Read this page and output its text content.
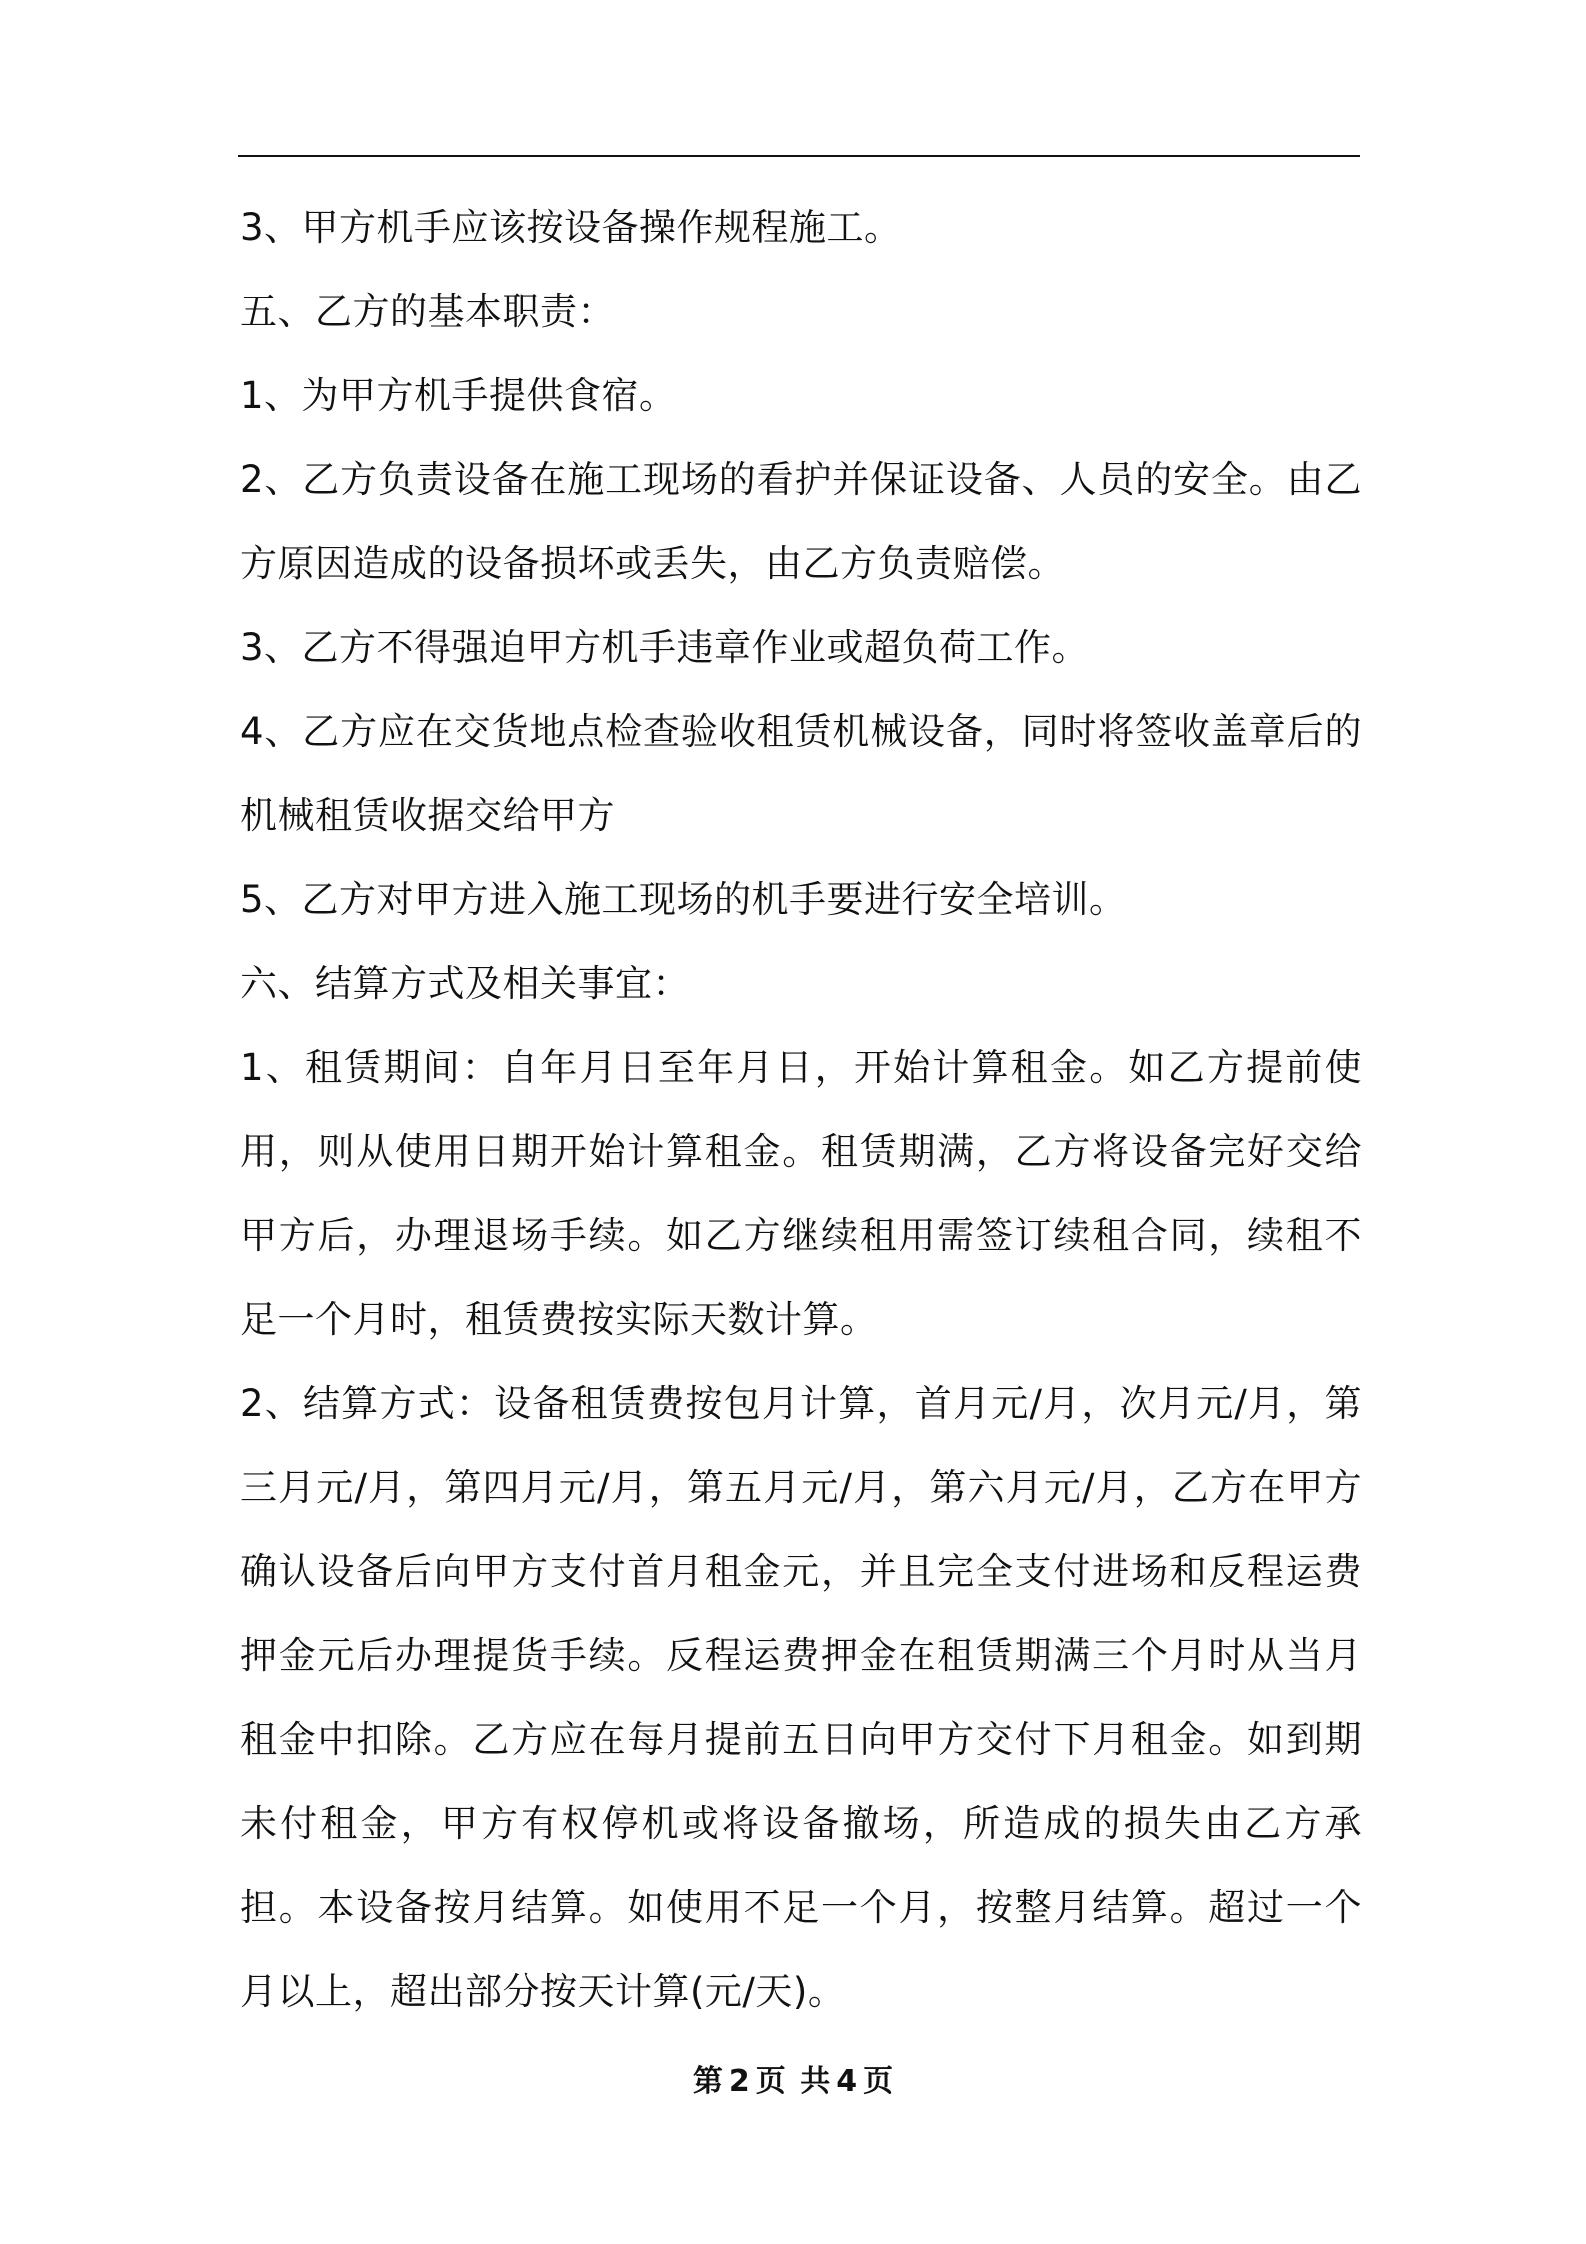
3、甲方机手应该按设备操作规程施工。

五、乙方的基本职责：

1、为甲方机手提供食宿。

2、乙方负责设备在施工现场的看护并保证设备、人员的安全。由乙方原因造成的设备损坏或丢失，由乙方负责赔偿。

3、乙方不得强迫甲方机手违章作业或超负荷工作。

4、乙方应在交货地点检查验收租赁机械设备，同时将签收盖章后的机械租赁收据交给甲方

5、乙方对甲方进入施工现场的机手要进行安全培训。

六、结算方式及相关事宜：

1、租赁期间：自年月日至年月日，开始计算租金。如乙方提前使用，则从使用日期开始计算租金。租赁期满，乙方将设备完好交给甲方后，办理退场手续。如乙方继续租用需签订续租合同，续租不足一个月时，租赁费按实际天数计算。

2、结算方式：设备租赁费按包月计算，首月元/月，次月元/月，第三月元/月，第四月元/月，第五月元/月，第六月元/月，乙方在甲方确认设备后向甲方支付首月租金元，并且完全支付进场和反程运费押金元后办理提货手续。反程运费押金在租赁期满三个月时从当月租金中扣除。乙方应在每月提前五日向甲方交付下月租金。如到期未付租金，甲方有权停机或将设备撤场，所造成的损失由乙方承担。本设备按月结算。如使用不足一个月，按整月结算。超过一个月以上，超出部分按天计算(元/天)。

第 2 页 共 4 页
